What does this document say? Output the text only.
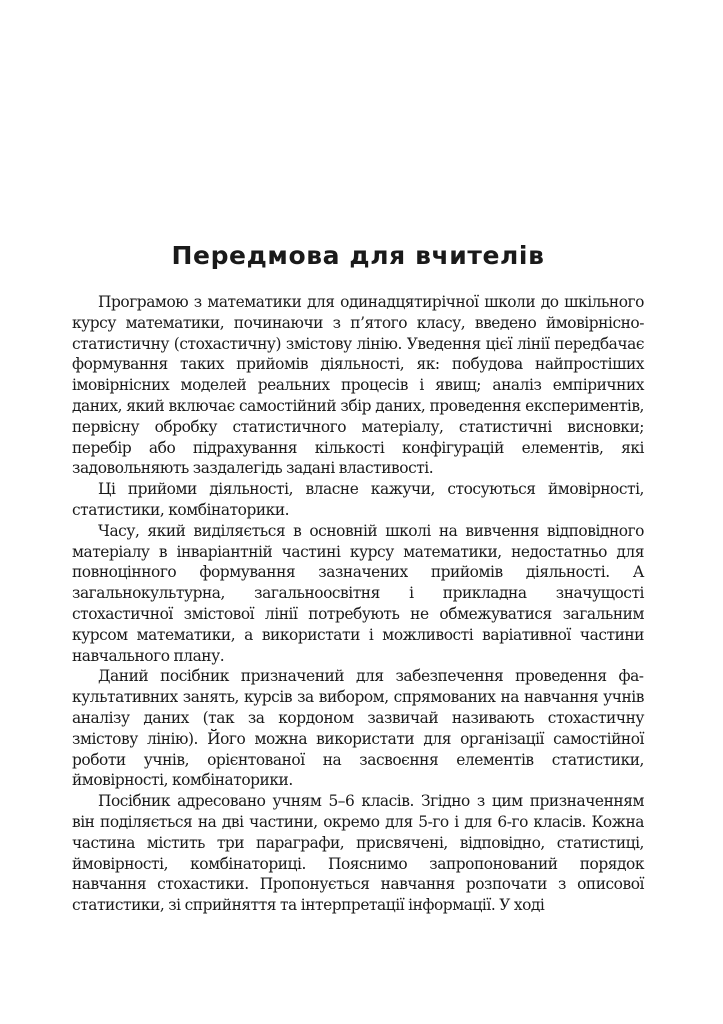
Передмова для вчителів

Програмою з математики для одинадцятирічної школи до шкільного курсу математики, починаючи з п’ятого класу, введено ймовірнісно-статистичну (стохастичну) змістову лінію. Уведення цієї лінії передбачає формування таких прийомів діяльності, як: побудова найпростіших імовірнісних моделей реальних процесів і явищ; аналіз емпіричних даних, який включає самостійний збір даних, проведення експериментів, первісну обробку статистичного матеріалу, статистичні висновки; перебір або підрахування кількості конфігурацій елементів, які задовольняють заздалегідь задані властивості.

Ці прийоми діяльності, власне кажучи, стосуються ймовірності, статистики, комбінаторики.

Часу, який виділяється в основній школі на вивчення відповідного матеріалу в інваріантній частині курсу математики, недостатньо для повноцінного формування зазначених прийомів діяльності. А загальнокультурна, загальноосвітня і прикладна значущості стохастичної змістової лінії потребують не обмежуватися загальним курсом математики, а використати і можливості варіативної частини навчального плану.

Даний посібник призначений для забезпечення проведення факультативних занять, курсів за вибором, спрямованих на навчання учнів аналізу даних (так за кордоном зазвичай називають стохастичну змістову лінію). Його можна використати для організації самостійної роботи учнів, орієнтованої на засвоєння елементів статистики, ймовірності, комбінаторики.

Посібник адресовано учням 5–6 класів. Згідно з цим призначенням він поділяється на дві частини, окремо для 5-го і для 6-го класів. Кожна частина містить три параграфи, присвячені, відповідно, статистиці, ймовірності, комбінаториці. Пояснимо запропонований порядок навчання стохастики. Пропонується навчання розпочати з описової статистики, зі сприйняття та інтерпретації інформації. У ході
